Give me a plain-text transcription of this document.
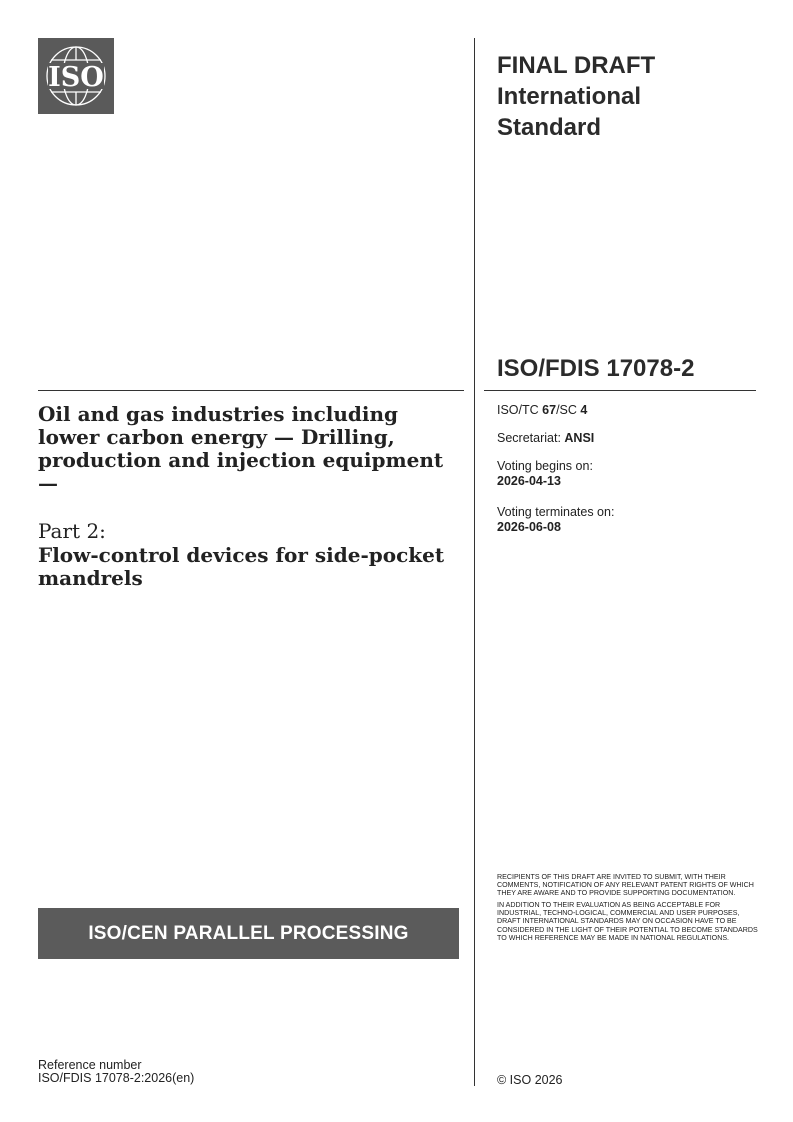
ISO	FINAL DRAFT
International
Standard
ISO/FDIS 17078-2
ISO/TC 67/SC 4
Secretariat: ANSI
Voting begins on:
2026-04-13
Voting terminates on:
2026-06-08
Oil and gas industries including lower carbon energy — Drilling, production and injection equipment —
Part 2:
Flow-control devices for side-pocket mandrels
ISO/CEN PARALLEL PROCESSING

RECIPIENTS OF THIS DRAFT ARE INVITED TO SUBMIT, WITH THEIR COMMENTS, NOTIFICATION OF ANY RELEVANT PATENT RIGHTS OF WHICH THEY ARE AWARE AND TO PROVIDE SUPPORTING DOCUMENTATION.

IN ADDITION TO THEIR EVALUATION AS BEING ACCEPTABLE FOR INDUSTRIAL, TECHNO-LOGICAL, COMMERCIAL AND USER PURPOSES, DRAFT INTERNATIONAL STANDARDS MAY ON OCCASION HAVE TO BE CONSIDERED IN THE LIGHT OF THEIR POTENTIAL TO BECOME STANDARDS TO WHICH REFERENCE MAY BE MADE IN NATIONAL REGULATIONS.

Reference number
ISO/FDIS 17078-2:2026(en)	© ISO 2026
